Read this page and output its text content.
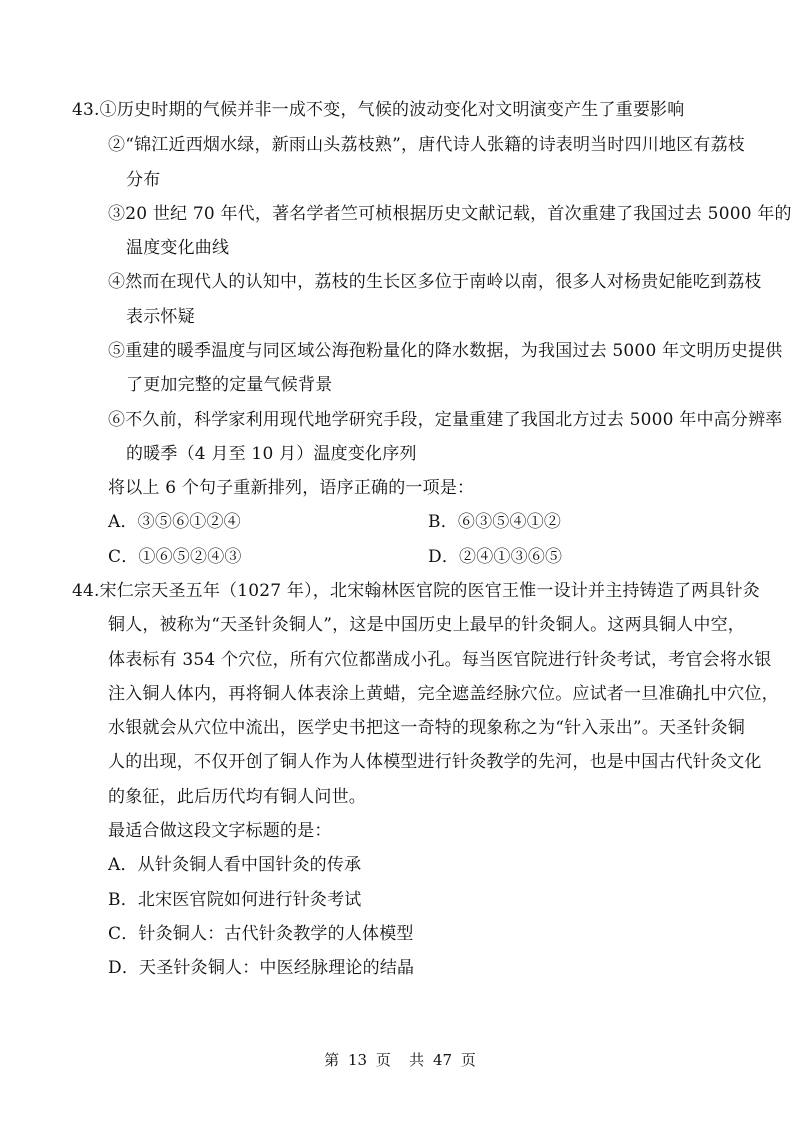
43.①历史时期的气候并非一成不变，气候的波动变化对文明演变产生了重要影响
②“锦江近西烟水绿，新雨山头荔枝熟”，唐代诗人张籍的诗表明当时四川地区有荔枝
分布
③20 世纪 70 年代，著名学者竺可桢根据历史文献记载，首次重建了我国过去 5000 年的
温度变化曲线
④然而在现代人的认知中，荔枝的生长区多位于南岭以南，很多人对杨贵妃能吃到荔枝
表示怀疑
⑤重建的暖季温度与同区域公海孢粉量化的降水数据，为我国过去 5000 年文明历史提供
了更加完整的定量气候背景
⑥不久前，科学家利用现代地学研究手段，定量重建了我国北方过去 5000 年中高分辨率
的暖季（4 月至 10 月）温度变化序列
将以上 6 个句子重新排列，语序正确的一项是：
A．③⑤⑥①②④	B．⑥③⑤④①②
C．①⑥⑤②④③	D．②④①③⑥⑤
44.宋仁宗天圣五年（1027 年），北宋翰林医官院的医官王惟一设计并主持铸造了两具针灸
铜人，被称为“天圣针灸铜人”，这是中国历史上最早的针灸铜人。这两具铜人中空，
体表标有 354 个穴位，所有穴位都凿成小孔。每当医官院进行针灸考试，考官会将水银
注入铜人体内，再将铜人体表涂上黄蜡，完全遮盖经脉穴位。应试者一旦准确扎中穴位，
水银就会从穴位中流出，医学史书把这一奇特的现象称之为“针入汞出”。天圣针灸铜
人的出现，不仅开创了铜人作为人体模型进行针灸教学的先河，也是中国古代针灸文化
的象征，此后历代均有铜人问世。
最适合做这段文字标题的是：
A．从针灸铜人看中国针灸的传承
B．北宋医官院如何进行针灸考试
C．针灸铜人：古代针灸教学的人体模型
D．天圣针灸铜人：中医经脉理论的结晶
第 13 页 共 47 页
